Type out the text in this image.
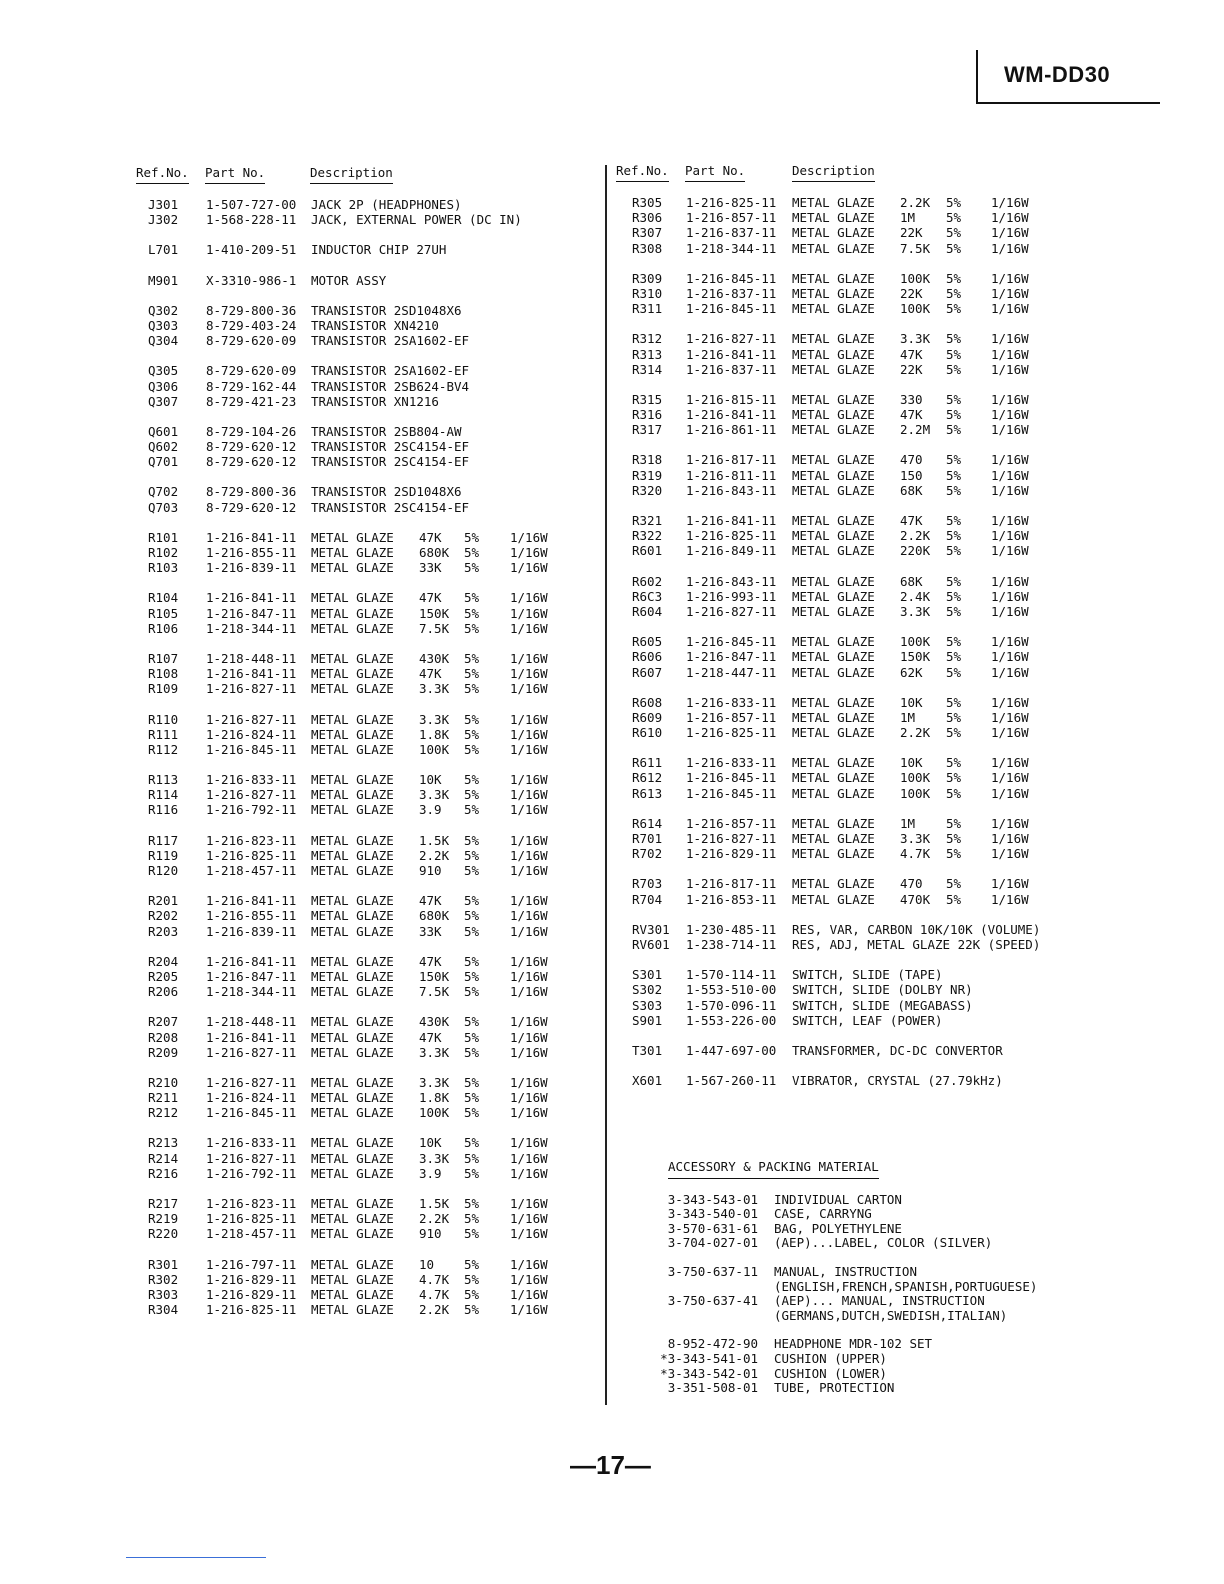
WM-DD30
Ref.No. Part No.	Description
J301 1-507-727-00 JACK 2P (HEADPHONES)
J302 1-568-228-11 JACK, EXTERNAL POWER (DC IN)
L701 1-410-209-51 INDUCTOR CHIP 27UH
M901 X-3310-986-1 MOTOR ASSY
Q302 8-729-800-36 TRANSISTOR 2SD1048X6
Q303 8-729-403-24 TRANSISTOR XN4210
Q304 8-729-620-09 TRANSISTOR 2SA1602-EF
Q305 8-729-620-09 TRANSISTOR 2SA1602-EF
Q306 8-729-162-44 TRANSISTOR 2SB624-BV4
Q307 8-729-421-23 TRANSISTOR XN1216
Q601 8-729-104-26 TRANSISTOR 2SB804-AW
Q602 8-729-620-12 TRANSISTOR 2SC4154-EF
Q701 8-729-620-12 TRANSISTOR 2SC4154-EF
Q702 8-729-800-36 TRANSISTOR 2SD1048X6
Q703 8-729-620-12 TRANSISTOR 2SC4154-EF
R101 1-216-841-11 METAL GLAZE 47K 5% 1/16W
R102 1-216-855-11 METAL GLAZE 680K 5% 1/16W
R103 1-216-839-11 METAL GLAZE 33K 5% 1/16W
R104 1-216-841-11 METAL GLAZE 47K 5% 1/16W
R105 1-216-847-11 METAL GLAZE 150K 5% 1/16W
R106 1-218-344-11 METAL GLAZE 7.5K 5% 1/16W
R107 1-218-448-11 METAL GLAZE 430K 5% 1/16W
R108 1-216-841-11 METAL GLAZE 47K 5% 1/16W
R109 1-216-827-11 METAL GLAZE 3.3K 5% 1/16W
R110 1-216-827-11 METAL GLAZE 3.3K 5% 1/16W
R111 1-216-824-11 METAL GLAZE 1.8K 5% 1/16W
R112 1-216-845-11 METAL GLAZE 100K 5% 1/16W
R113 1-216-833-11 METAL GLAZE 10K 5% 1/16W
R114 1-216-827-11 METAL GLAZE 3.3K 5% 1/16W
R116 1-216-792-11 METAL GLAZE 3.9 5% 1/16W
R117 1-216-823-11 METAL GLAZE 1.5K 5% 1/16W
R119 1-216-825-11 METAL GLAZE 2.2K 5% 1/16W
R120 1-218-457-11 METAL GLAZE 910 5% 1/16W
R201 1-216-841-11 METAL GLAZE 47K 5% 1/16W
R202 1-216-855-11 METAL GLAZE 680K 5% 1/16W
R203 1-216-839-11 METAL GLAZE 33K 5% 1/16W
R204 1-216-841-11 METAL GLAZE 47K 5% 1/16W
R205 1-216-847-11 METAL GLAZE 150K 5% 1/16W
R206 1-218-344-11 METAL GLAZE 7.5K 5% 1/16W
R207 1-218-448-11 METAL GLAZE 430K 5% 1/16W
R208 1-216-841-11 METAL GLAZE 47K 5% 1/16W
R209 1-216-827-11 METAL GLAZE 3.3K 5% 1/16W
R210 1-216-827-11 METAL GLAZE 3.3K 5% 1/16W
R211 1-216-824-11 METAL GLAZE 1.8K 5% 1/16W
R212 1-216-845-11 METAL GLAZE 100K 5% 1/16W
R213 1-216-833-11 METAL GLAZE 10K 5% 1/16W
R214 1-216-827-11 METAL GLAZE 3.3K 5% 1/16W
R216 1-216-792-11 METAL GLAZE 3.9 5% 1/16W
R217 1-216-823-11 METAL GLAZE 1.5K 5% 1/16W
R219 1-216-825-11 METAL GLAZE 2.2K 5% 1/16W
R220 1-218-457-11 METAL GLAZE 910 5% 1/16W
R301 1-216-797-11 METAL GLAZE 10 5% 1/16W
R302 1-216-829-11 METAL GLAZE 4.7K 5% 1/16W
R303 1-216-829-11 METAL GLAZE 4.7K 5% 1/16W
R304 1-216-825-11 METAL GLAZE 2.2K 5% 1/16W
Ref.No. Part No.	Description
R305 1-216-825-11 METAL GLAZE 2.2K 5% 1/16W
R306 1-216-857-11 METAL GLAZE 1M 5% 1/16W
R307 1-216-837-11 METAL GLAZE 22K 5% 1/16W
R308 1-218-344-11 METAL GLAZE 7.5K 5% 1/16W
R309 1-216-845-11 METAL GLAZE 100K 5% 1/16W
R310 1-216-837-11 METAL GLAZE 22K 5% 1/16W
R311 1-216-845-11 METAL GLAZE 100K 5% 1/16W
R312 1-216-827-11 METAL GLAZE 3.3K 5% 1/16W
R313 1-216-841-11 METAL GLAZE 47K 5% 1/16W
R314 1-216-837-11 METAL GLAZE 22K 5% 1/16W
R315 1-216-815-11 METAL GLAZE 330 5% 1/16W
R316 1-216-841-11 METAL GLAZE 47K 5% 1/16W
R317 1-216-861-11 METAL GLAZE 2.2M 5% 1/16W
R318 1-216-817-11 METAL GLAZE 470 5% 1/16W
R319 1-216-811-11 METAL GLAZE 150 5% 1/16W
R320 1-216-843-11 METAL GLAZE 68K 5% 1/16W
R321 1-216-841-11 METAL GLAZE 47K 5% 1/16W
R322 1-216-825-11 METAL GLAZE 2.2K 5% 1/16W
R601 1-216-849-11 METAL GLAZE 220K 5% 1/16W
R602 1-216-843-11 METAL GLAZE 68K 5% 1/16W
R6C3 1-216-993-11 METAL GLAZE 2.4K 5% 1/16W
R604 1-216-827-11 METAL GLAZE 3.3K 5% 1/16W
R605 1-216-845-11 METAL GLAZE 100K 5% 1/16W
R606 1-216-847-11 METAL GLAZE 150K 5% 1/16W
R607 1-218-447-11 METAL GLAZE 62K 5% 1/16W
R608 1-216-833-11 METAL GLAZE 10K 5% 1/16W
R609 1-216-857-11 METAL GLAZE 1M 5% 1/16W
R610 1-216-825-11 METAL GLAZE 2.2K 5% 1/16W
R611 1-216-833-11 METAL GLAZE 10K 5% 1/16W
R612 1-216-845-11 METAL GLAZE 100K 5% 1/16W
R613 1-216-845-11 METAL GLAZE 100K 5% 1/16W
R614 1-216-857-11 METAL GLAZE 1M 5% 1/16W
R701 1-216-827-11 METAL GLAZE 3.3K 5% 1/16W
R702 1-216-829-11 METAL GLAZE 4.7K 5% 1/16W
R703 1-216-817-11 METAL GLAZE 470 5% 1/16W
R704 1-216-853-11 METAL GLAZE 470K 5% 1/16W
RV301 1-230-485-11 RES, VAR, CARBON 10K/10K (VOLUME)
RV601 1-238-714-11 RES, ADJ, METAL GLAZE 22K (SPEED)
S301 1-570-114-11 SWITCH, SLIDE (TAPE)
S302 1-553-510-00 SWITCH, SLIDE (DOLBY NR)
S303 1-570-096-11 SWITCH, SLIDE (MEGABASS)
S901 1-553-226-00 SWITCH, LEAF (POWER)
T301 1-447-697-00 TRANSFORMER, DC-DC CONVERTOR
X601 1-567-260-11 VIBRATOR, CRYSTAL (27.79kHz)
ACCESSORY & PACKING MATERIAL
3-343-543-01 INDIVIDUAL CARTON
3-343-540-01 CASE, CARRYNG
3-570-631-61 BAG, POLYETHYLENE
3-704-027-01 (AEP)...LABEL, COLOR (SILVER)
3-750-637-11 MANUAL, INSTRUCTION
(ENGLISH,FRENCH,SPANISH,PORTUGUESE)
3-750-637-41 (AEP)... MANUAL, INSTRUCTION
(GERMANS,DUTCH,SWEDISH,ITALIAN)
8-952-472-90 HEADPHONE MDR-102 SET
*3-343-541-01 CUSHION (UPPER)
*3-343-542-01 CUSHION (LOWER)
3-351-508-01 TUBE, PROTECTION
—17—
